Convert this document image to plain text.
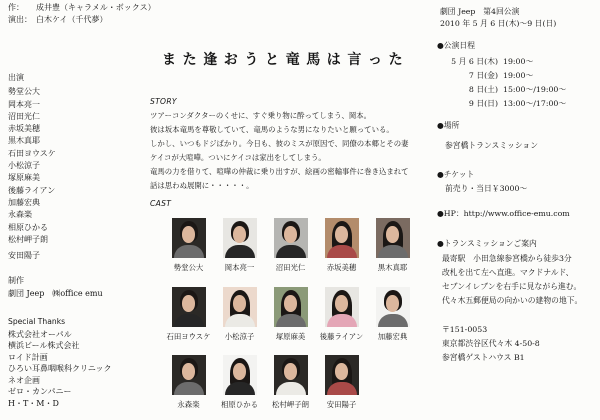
作： 成井豊（キャラメル・ボックス）
演出： 白木ケイ（千代夢）
出演
勢堂公大
岡本亮一
沼田光仁
赤坂美穂
黒木真耶
石田ヨウスケ
小松涼子
塚原麻美
後藤ライアン
加藤宏典
永森楽
相原ひかる
松村岬子朗
安田陽子
制作
劇団 Jeep　㈱office emu
Special Thanks
株式会社オーパル
横浜ビール株式会社
ロイド計画
ひろい耳鼻咽喉科クリニック
ネオ企画
ゼロ・カンパニー
H・T・M・D
また逢おうと竜馬は言った
STORY
ツアーコンダクターのくせに、すぐ乗り物に酔ってしまう、岡本。
彼は坂本竜馬を尊敬していて、竜馬のような男になりたいと願っている。
しかし、いつもドジばかり。今日も、彼のミスが原因で、同僚の本郷とその妻
ケイコが大喧嘩。ついにケイコは家出をしてしまう。
竜馬の力を借りて、喧嘩の仲裁に乗り出すが、絵画の密輸事件に巻き込まれて
話は思わぬ展開に・・・・・。
CAST
勢堂公大	岡本亮一	沼田光仁	赤坂美穂	黒木真耶
石田ヨウスケ	小松涼子	塚原麻美	後藤ライアン	加藤宏典
永森楽	相原ひかる	松村岬子朗	安田陽子
劇団 Jeep　第4回公演
2010 年 5 月 6 日(木)〜9 日(日)
●公演日程
5 月 6 日(木) 19:00〜
7 日(金) 19:00〜
8 日(土) 15:00〜/19:00〜
9 日(日) 13:00〜/17:00〜
●場所
参宮橋トランスミッション
●チケット
前売り・当日￥3000〜
●HP：http://www.office-emu.com
●トランスミッションご案内
最寄駅　小田急線参宮橋から徒歩3分
改札を出て左へ直進。マクドナルド、
セブンイレブンを右手に見ながら進む。
代々木五郵便局の向かいの建物の地下。
〒151-0053
東京都渋谷区代々木 4-50-8
参宮橋ゲストハウス B1
